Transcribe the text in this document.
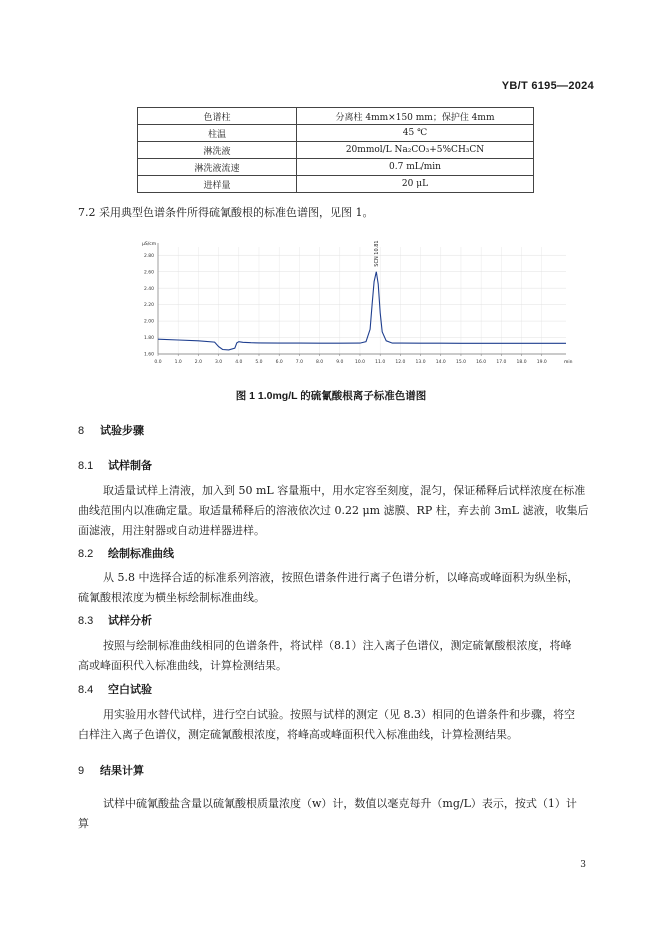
YB/T 6195—2024
色谱柱	分离柱 4mm×150 mm；保护住 4mm
柱温	45 ℃
淋洗液	20mmol/L Na₂CO₃+5%CH₃CN
淋洗液流速	0.7 mL/min
进样量	20 μL
7.2 采用典型色谱条件所得硫氰酸根的标准色谱图，见图 1。
1.60
1.80
2.00
2.20
2.40
2.60
2.80
0.0	1.0	2.0	3.0	4.0	5.0	6.0	7.0	8.0	9.0	10.0 11.0 12.0 13.0 14.0 15.0 16.0 17.0 18.0 19.0
μS/cm
min
SCN 10.81
图 1 1.0mg/L 的硫氰酸根离子标准色谱图
8 试验步骤
8.1 试样制备
取适量试样上清液，加入到 50 mL 容量瓶中，用水定容至刻度，混匀，保证稀释后试样浓度在标准
曲线范围内以准确定量。取适量稀释后的溶液依次过 0.22 μm 滤膜、RP 柱，弃去前 3mL 滤液，收集后
面滤液，用注射器或自动进样器进样。
8.2 绘制标准曲线
从 5.8 中选择合适的标准系列溶液，按照色谱条件进行离子色谱分析，以峰高或峰面积为纵坐标，
硫氰酸根浓度为横坐标绘制标准曲线。
8.3 试样分析
按照与绘制标准曲线相同的色谱条件，将试样（8.1）注入离子色谱仪，测定硫氰酸根浓度，将峰
高或峰面积代入标准曲线，计算检测结果。
8.4 空白试验
用实验用水替代试样，进行空白试验。按照与试样的测定（见 8.3）相同的色谱条件和步骤，将空
白样注入离子色谱仪，测定硫氰酸根浓度，将峰高或峰面积代入标准曲线，计算检测结果。
9 结果计算
试样中硫氰酸盐含量以硫氰酸根质量浓度（w）计，数值以毫克每升（mg/L）表示，按式（1）计
算
3
